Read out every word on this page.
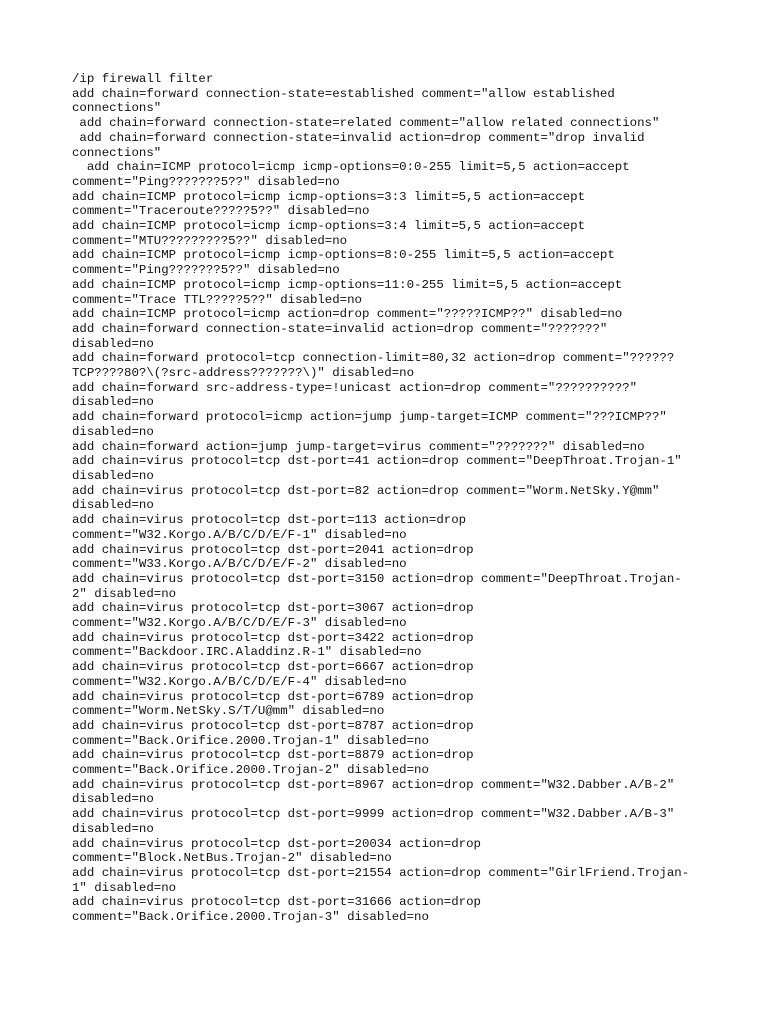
/ip firewall filter
add chain=forward connection-state=established comment="allow established
connections"
add chain=forward connection-state=related comment="allow related connections"
add chain=forward connection-state=invalid action=drop comment="drop invalid
connections"
add chain=ICMP protocol=icmp icmp-options=0:0-255 limit=5,5 action=accept
comment="Ping???????5??" disabled=no
add chain=ICMP protocol=icmp icmp-options=3:3 limit=5,5 action=accept
comment="Traceroute?????5??" disabled=no
add chain=ICMP protocol=icmp icmp-options=3:4 limit=5,5 action=accept
comment="MTU?????????5??" disabled=no
add chain=ICMP protocol=icmp icmp-options=8:0-255 limit=5,5 action=accept
comment="Ping???????5??" disabled=no
add chain=ICMP protocol=icmp icmp-options=11:0-255 limit=5,5 action=accept
comment="Trace TTL?????5??" disabled=no
add chain=ICMP protocol=icmp action=drop comment="?????ICMP??" disabled=no
add chain=forward connection-state=invalid action=drop comment="???????"
disabled=no
add chain=forward protocol=tcp connection-limit=80,32 action=drop comment="??????
TCP????80?\(?src-address???????\)" disabled=no
add chain=forward src-address-type=!unicast action=drop comment="??????????"
disabled=no
add chain=forward protocol=icmp action=jump jump-target=ICMP comment="???ICMP??"
disabled=no
add chain=forward action=jump jump-target=virus comment="???????" disabled=no
add chain=virus protocol=tcp dst-port=41 action=drop comment="DeepThroat.Trojan-1"
disabled=no
add chain=virus protocol=tcp dst-port=82 action=drop comment="Worm.NetSky.Y@mm"
disabled=no
add chain=virus protocol=tcp dst-port=113 action=drop
comment="W32.Korgo.A/B/C/D/E/F-1" disabled=no
add chain=virus protocol=tcp dst-port=2041 action=drop
comment="W33.Korgo.A/B/C/D/E/F-2" disabled=no
add chain=virus protocol=tcp dst-port=3150 action=drop comment="DeepThroat.Trojan-
2" disabled=no
add chain=virus protocol=tcp dst-port=3067 action=drop
comment="W32.Korgo.A/B/C/D/E/F-3" disabled=no
add chain=virus protocol=tcp dst-port=3422 action=drop
comment="Backdoor.IRC.Aladdinz.R-1" disabled=no
add chain=virus protocol=tcp dst-port=6667 action=drop
comment="W32.Korgo.A/B/C/D/E/F-4" disabled=no
add chain=virus protocol=tcp dst-port=6789 action=drop
comment="Worm.NetSky.S/T/U@mm" disabled=no
add chain=virus protocol=tcp dst-port=8787 action=drop
comment="Back.Orifice.2000.Trojan-1" disabled=no
add chain=virus protocol=tcp dst-port=8879 action=drop
comment="Back.Orifice.2000.Trojan-2" disabled=no
add chain=virus protocol=tcp dst-port=8967 action=drop comment="W32.Dabber.A/B-2"
disabled=no
add chain=virus protocol=tcp dst-port=9999 action=drop comment="W32.Dabber.A/B-3"
disabled=no
add chain=virus protocol=tcp dst-port=20034 action=drop
comment="Block.NetBus.Trojan-2" disabled=no
add chain=virus protocol=tcp dst-port=21554 action=drop comment="GirlFriend.Trojan-
1" disabled=no
add chain=virus protocol=tcp dst-port=31666 action=drop
comment="Back.Orifice.2000.Trojan-3" disabled=no
